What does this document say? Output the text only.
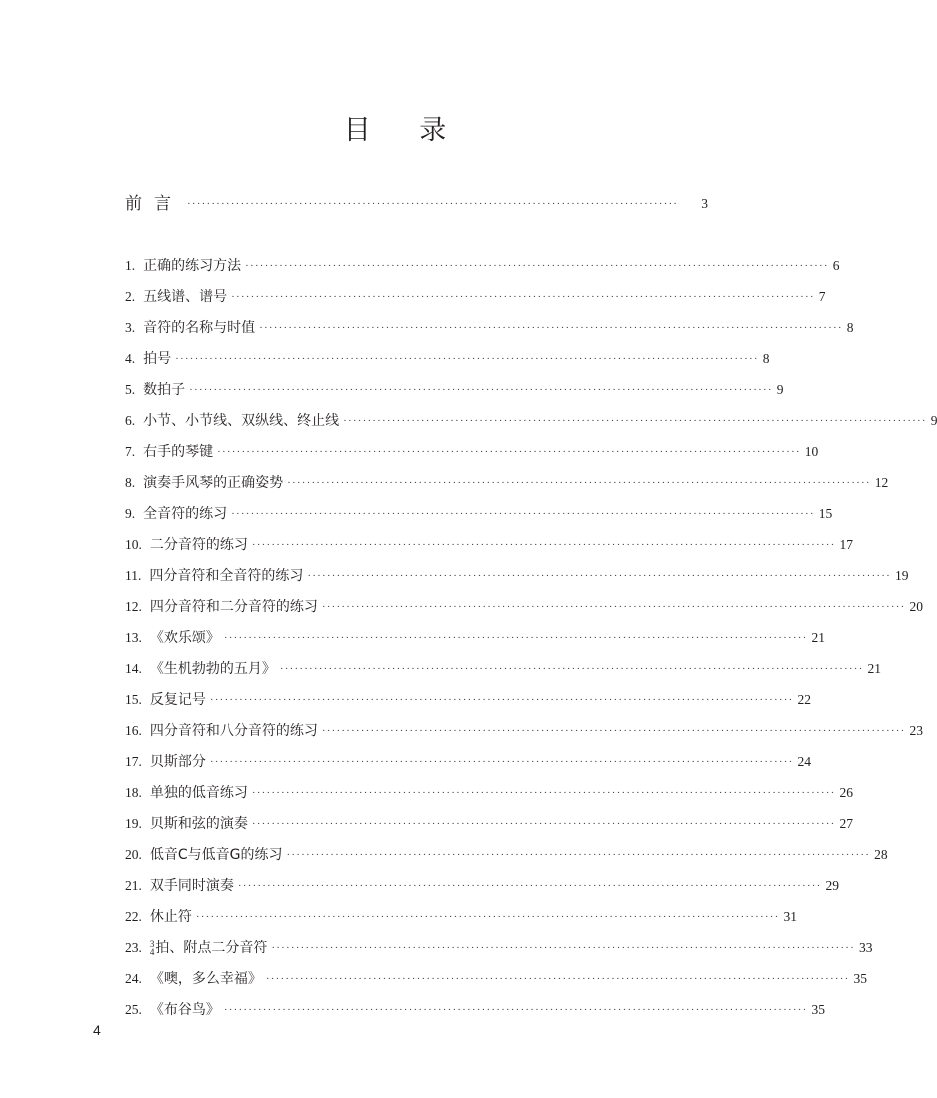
目 录
前言 ·····································································································	3
1. 正确的练习方法 ························································································································ 6
2. 五线谱、谱号 ························································································································ 7
3. 音符的名称与时值 ························································································································ 8
4. 拍号 ························································································································ 8
5. 数拍子 ························································································································ 9
6. 小节、小节线、双纵线、终止线 ························································································································ 9
7. 右手的琴键 ························································································································ 10
8. 演奏手风琴的正确姿势 ························································································································ 12
9. 全音符的练习 ························································································································ 15
10. 二分音符的练习 ························································································································ 17
11. 四分音符和全音符的练习 ························································································································ 19
12. 四分音符和二分音符的练习 ························································································································ 20
13. 《欢乐颂》 ························································································································ 21
14. 《生机勃勃的五月》 ························································································································ 21
15. 反复记号 ························································································································ 22
16. 四分音符和八分音符的练习 ························································································································ 23
17. 贝斯部分 ························································································································ 24
18. 单独的低音练习 ························································································································ 26
19. 贝斯和弦的演奏 ························································································································ 27
20. 低音C与低音G的练习 ························································································································ 28
21. 双手同时演奏 ························································································································ 29
22. 休止符 ························································································································ 31
23. 3
4拍、附点二分音符 ························································································································ 33
24. 《噢，多么幸福》 ························································································································ 35
25. 《布谷鸟》 ························································································································ 35
4
